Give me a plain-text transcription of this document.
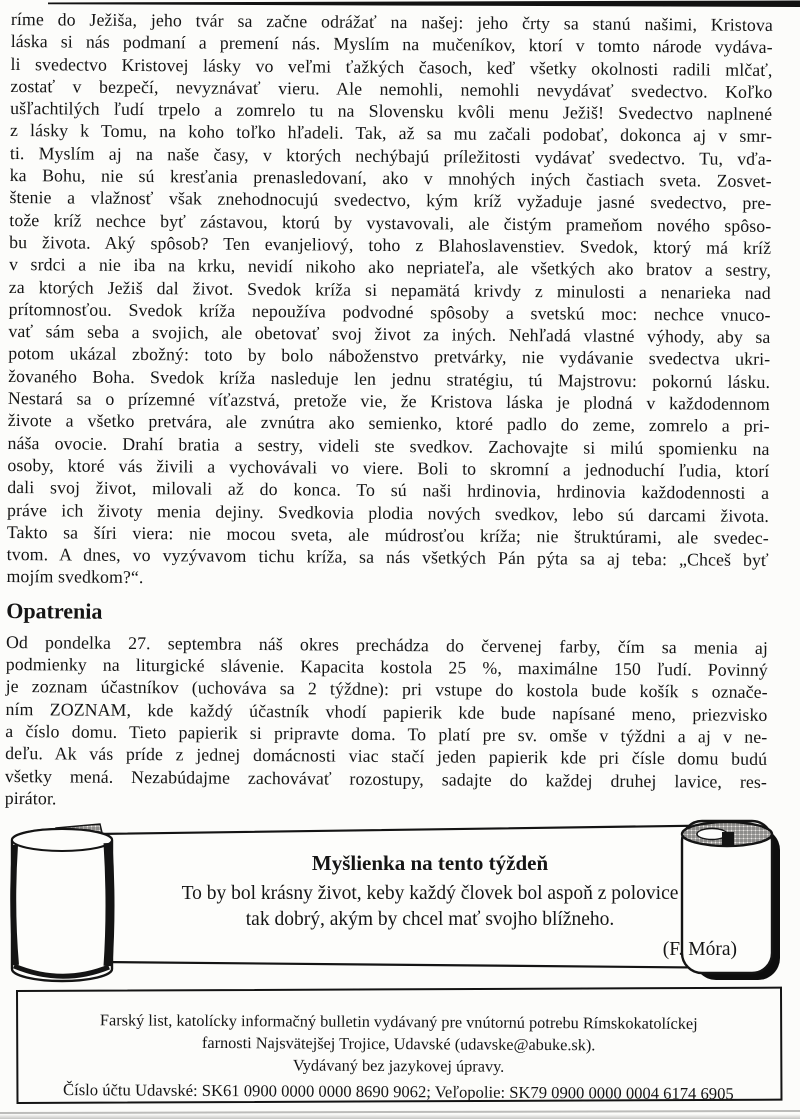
ríme do Ježiša, jeho tvár sa začne odrážať na našej: jeho črty sa stanú našimi, Kristova
láska si nás podmaní a premení nás. Myslím na mučeníkov, ktorí v tomto národe vydáva-
li svedectvo Kristovej lásky vo veľmi ťažkých časoch, keď všetky okolnosti radili mlčať,
zostať v bezpečí, nevyznávať vieru. Ale nemohli, nemohli nevydávať svedectvo. Koľko
ušľachtilých ľudí trpelo a zomrelo tu na Slovensku kvôli menu Ježiš! Svedectvo naplnené
z lásky k Tomu, na koho toľko hľadeli. Tak, až sa mu začali podobať, dokonca aj v smr-
ti. Myslím aj na naše časy, v ktorých nechýbajú príležitosti vydávať svedectvo. Tu, vďa-
ka Bohu, nie sú kresťania prenasledovaní, ako v mnohých iných častiach sveta. Zosvet-
štenie a vlažnosť však znehodnocujú svedectvo, kým kríž vyžaduje jasné svedectvo, pre-
tože kríž nechce byť zástavou, ktorú by vystavovali, ale čistým prameňom nového spôso-
bu života. Aký spôsob? Ten evanjeliový, toho z Blahoslavenstiev. Svedok, ktorý má kríž
v srdci a nie iba na krku, nevidí nikoho ako nepriateľa, ale všetkých ako bratov a sestry,
za ktorých Ježiš dal život. Svedok kríža si nepamätá krivdy z minulosti a nenarieka nad
prítomnosťou. Svedok kríža nepoužíva podvodné spôsoby a svetskú moc: nechce vnuco-
vať sám seba a svojich, ale obetovať svoj život za iných. Nehľadá vlastné výhody, aby sa
potom ukázal zbožný: toto by bolo náboženstvo pretvárky, nie vydávanie svedectva ukri-
žovaného Boha. Svedok kríža nasleduje len jednu stratégiu, tú Majstrovu: pokornú lásku.
Nestará sa o prízemné víťazstvá, pretože vie, že Kristova láska je plodná v každodennom
živote a všetko pretvára, ale zvnútra ako semienko, ktoré padlo do zeme, zomrelo a pri-
náša ovocie. Drahí bratia a sestry, videli ste svedkov. Zachovajte si milú spomienku na
osoby, ktoré vás živili a vychovávali vo viere. Boli to skromní a jednoduchí ľudia, ktorí
dali svoj život, milovali až do konca. To sú naši hrdinovia, hrdinovia každodennosti a
práve ich životy menia dejiny. Svedkovia plodia nových svedkov, lebo sú darcami života.
Takto sa šíri viera: nie mocou sveta, ale múdrosťou kríža; nie štruktúrami, ale svedec-
tvom. A dnes, vo vyzývavom tichu kríža, sa nás všetkých Pán pýta sa aj teba: „Chceš byť
mojím svedkom?“.
Opatrenia
Od pondelka 27. septembra náš okres prechádza do červenej farby, čím sa menia aj
podmienky na liturgické slávenie. Kapacita kostola 25 %, maximálne 150 ľudí. Povinný
je zoznam účastníkov (uchováva sa 2 týždne): pri vstupe do kostola bude košík s označe-
ním ZOZNAM, kde každý účastník vhodí papierik kde bude napísané meno, priezvisko
a číslo domu. Tieto papierik si pripravte doma. To platí pre sv. omše v týždni a aj v ne-
deľu. Ak vás príde z jednej domácnosti viac stačí jeden papierik kde pri čísle domu budú
všetky mená. Nezabúdajme zachovávať rozostupy, sadajte do každej druhej lavice, res-
pirátor.
Myšlienka na tento týždeň
To by bol krásny život, keby každý človek bol aspoň z polovice
tak dobrý, akým by chcel mať svojho blížneho.
(F. Móra)
Farský list, katolícky informačný bulletin vydávaný pre vnútornú potrebu Rímskokatolíckej
farnosti Najsvätejšej Trojice, Udavské (udavske@abuke.sk).
Vydávaný bez jazykovej úpravy.
Číslo účtu Udavské: SK61 0900 0000 0000 8690 9062; Veľopolie: SK79 0900 0000 0004 6174 6905
